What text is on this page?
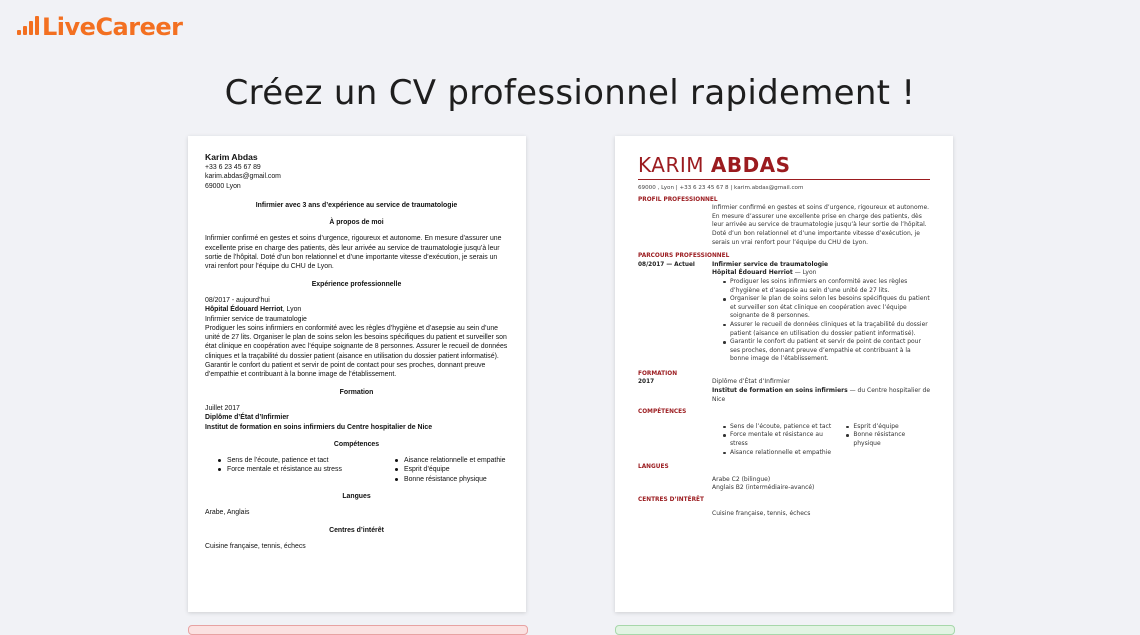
LiveCareer
Créez un CV professionnel rapidement !
Karim Abdas
+33 6 23 45 67 89
karim.abdas@gmail.com
69000 Lyon
Infirmier avec 3 ans d’expérience au service de traumatologie
À propos de moi

Infirmier confirmé en gestes et soins d’urgence, rigoureux et autonome. En mesure d’assurer une excellente prise en charge des patients, dès leur arrivée au service de traumatologie jusqu’à leur sortie de l’hôpital. Doté d’un bon relationnel et d’une importante vitesse d’exécution, je serais un vrai renfort pour l’équipe du CHU de Lyon.

Expérience professionnelle
08/2017 - aujourd’hui
Hôpital Édouard Herriot, Lyon
Infirmier service de traumatologie

Prodiguer les soins infirmiers en conformité avec les règles d’hygiène et d’asepsie au sein d’une unité de 27 lits. Organiser le plan de soins selon les besoins spécifiques du patient et surveiller son état clinique en coopération avec l’équipe soignante de 8 personnes. Assurer le recueil de données cliniques et la traçabilité du dossier patient (aisance en utilisation du dossier patient informatisé). Garantir le confort du patient et servir de point de contact pour ses proches, donnant preuve d’empathie et contribuant à la bonne image de l’établissement.

Formation
Juillet 2017
Diplôme d’État d’Infirmier
Institut de formation en soins infirmiers du Centre hospitalier de Nice
Compétences
Sens de l’écoute, patience et tact
Force mentale et résistance au stress
Aisance relationnelle et empathie
Esprit d’équipe
Bonne résistance physique
Langues
Arabe, Anglais
Centres d’intérêt
Cuisine française, tennis, échecs
KARIM ABDAS
69000 , Lyon | +33 6 23 45 67 8 | karim.abdas@gmail.com
PROFIL PROFESSIONNEL
Infirmier confirmé en gestes et soins d’urgence, rigoureux et autonome. En mesure d’assurer une excellente prise en charge des patients, dès leur arrivée au service de traumatologie jusqu’à leur sortie de l’hôpital. Doté d’un bon relationnel et d’une importante vitesse d’exécution, je serais un vrai renfort pour l’équipe du CHU de Lyon.
PARCOURS PROFESSIONNEL
08/2017 — Actuel	Infirmier service de traumatologie
Hôpital Édouard Herriot — Lyon
Prodiguer les soins infirmiers en conformité avec les règles d’hygiène et d’asepsie au sein d’une unité de 27 lits.
Organiser le plan de soins selon les besoins spécifiques du patient et surveiller son état clinique en coopération avec l’équipe soignante de 8 personnes.
Assurer le recueil de données cliniques et la traçabilité du dossier patient (aisance en utilisation du dossier patient informatisé).
Garantir le confort du patient et servir de point de contact pour ses proches, donnant preuve d’empathie et contribuant à la bonne image de l’établissement.
FORMATION
2017	Diplôme d’État d’Infirmier
Institut de formation en soins infirmiers — du Centre hospitalier de Nice
COMPÉTENCES
Sens de l’écoute, patience et tact
Force mentale et résistance au stress
Aisance relationnelle et empathie
Esprit d’équipe
Bonne résistance physique
LANGUES
Arabe C2 (bilingue)
Anglais B2 (intermédiaire-avancé)
CENTRES D’INTÉRÊT
Cuisine française, tennis, échecs
